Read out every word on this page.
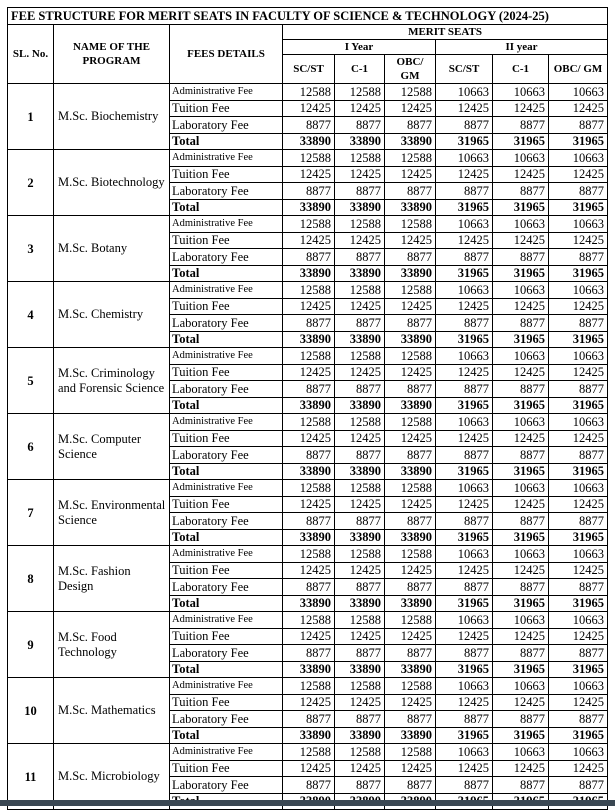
FEE STRUCTURE FOR MERIT SEATS IN FACULTY OF SCIENCE & TECHNOLOGY (2024-25)								
SL. No.	NAME OF THE PROGRAM	FEES DETAILS	MERIT SEATS					
			I Year			II year		
			SC/ST	C-1	OBC/ GM	SC/ST	C-1	OBC/ GM
1	M.Sc. Biochemistry	Administrative Fee	12588	12588	12588	10663	10663	10663
		Tuition Fee	12425	12425	12425	12425	12425	12425
		Laboratory Fee	8877	8877	8877	8877	8877	8877
		Total	33890	33890	33890	31965	31965	31965
2	M.Sc. Biotechnology	Administrative Fee	12588	12588	12588	10663	10663	10663
		Tuition Fee	12425	12425	12425	12425	12425	12425
		Laboratory Fee	8877	8877	8877	8877	8877	8877
		Total	33890	33890	33890	31965	31965	31965
3	M.Sc. Botany	Administrative Fee	12588	12588	12588	10663	10663	10663
		Tuition Fee	12425	12425	12425	12425	12425	12425
		Laboratory Fee	8877	8877	8877	8877	8877	8877
		Total	33890	33890	33890	31965	31965	31965
4	M.Sc. Chemistry	Administrative Fee	12588	12588	12588	10663	10663	10663
		Tuition Fee	12425	12425	12425	12425	12425	12425
		Laboratory Fee	8877	8877	8877	8877	8877	8877
		Total	33890	33890	33890	31965	31965	31965
5	M.Sc. Criminology and Forensic Science	Administrative Fee	12588	12588	12588	10663	10663	10663
		Tuition Fee	12425	12425	12425	12425	12425	12425
		Laboratory Fee	8877	8877	8877	8877	8877	8877
		Total	33890	33890	33890	31965	31965	31965
6	M.Sc. Computer Science	Administrative Fee	12588	12588	12588	10663	10663	10663
		Tuition Fee	12425	12425	12425	12425	12425	12425
		Laboratory Fee	8877	8877	8877	8877	8877	8877
		Total	33890	33890	33890	31965	31965	31965
7	M.Sc. Environmental Science	Administrative Fee	12588	12588	12588	10663	10663	10663
		Tuition Fee	12425	12425	12425	12425	12425	12425
		Laboratory Fee	8877	8877	8877	8877	8877	8877
		Total	33890	33890	33890	31965	31965	31965
8	M.Sc. Fashion Design	Administrative Fee	12588	12588	12588	10663	10663	10663
		Tuition Fee	12425	12425	12425	12425	12425	12425
		Laboratory Fee	8877	8877	8877	8877	8877	8877
		Total	33890	33890	33890	31965	31965	31965
9	M.Sc. Food Technology	Administrative Fee	12588	12588	12588	10663	10663	10663
		Tuition Fee	12425	12425	12425	12425	12425	12425
		Laboratory Fee	8877	8877	8877	8877	8877	8877
		Total	33890	33890	33890	31965	31965	31965
10	M.Sc. Mathematics	Administrative Fee	12588	12588	12588	10663	10663	10663
		Tuition Fee	12425	12425	12425	12425	12425	12425
		Laboratory Fee	8877	8877	8877	8877	8877	8877
		Total	33890	33890	33890	31965	31965	31965
11	M.Sc. Microbiology	Administrative Fee	12588	12588	12588	10663	10663	10663
		Tuition Fee	12425	12425	12425	12425	12425	12425
		Laboratory Fee	8877	8877	8877	8877	8877	8877
